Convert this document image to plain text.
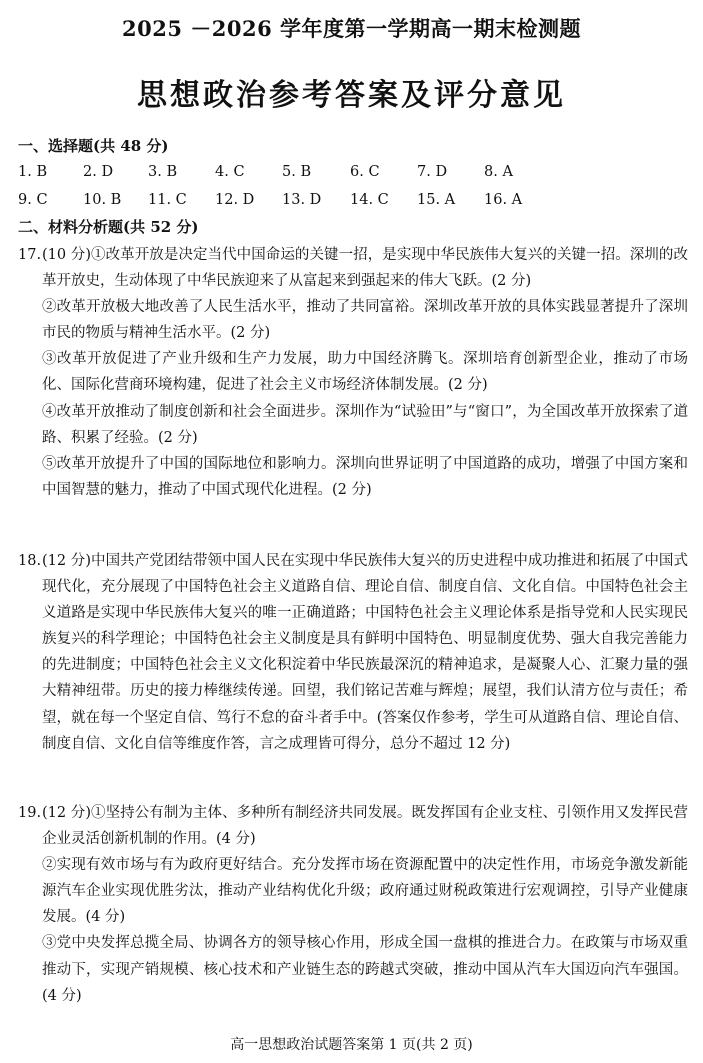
2025 －2026 学年度第一学期高一期末检测题
思想政治参考答案及评分意见
一、选择题(共 48 分)
1. B 2. D 3. B	4. C	5. B	6. C	7. D	8. A
9. C 10. B 11. C 12. D 13. D 14. C 15. A 16. A
二、材料分析题(共 52 分)
17. (10 分)①改革开放是决定当代中国命运的关键一招，是实现中华民族伟大复兴的关键一招。深圳的改革开放史，生动体现了中华民族迎来了从富起来到强起来的伟大飞跃。(2 分)

②改革开放极大地改善了人民生活水平，推动了共同富裕。深圳改革开放的具体实践显著提升了深圳市民的物质与精神生活水平。(2 分)

③改革开放促进了产业升级和生产力发展，助力中国经济腾飞。深圳培育创新型企业，推动了市场化、国际化营商环境构建，促进了社会主义市场经济体制发展。(2 分)

④改革开放推动了制度创新和社会全面进步。深圳作为“试验田”与“窗口”，为全国改革开放探索了道路、积累了经验。(2 分)

⑤改革开放提升了中国的国际地位和影响力。深圳向世界证明了中国道路的成功，增强了中国方案和中国智慧的魅力，推动了中国式现代化进程。(2 分)

18. (12 分)中国共产党团结带领中国人民在实现中华民族伟大复兴的历史进程中成功推进和拓展了中国式现代化，充分展现了中国特色社会主义道路自信、理论自信、制度自信、文化自信。中国特色社会主义道路是实现中华民族伟大复兴的唯一正确道路；中国特色社会主义理论体系是指导党和人民实现民族复兴的科学理论；中国特色社会主义制度是具有鲜明中国特色、明显制度优势、强大自我完善能力的先进制度；中国特色社会主义文化积淀着中华民族最深沉的精神追求，是凝聚人心、汇聚力量的强大精神纽带。历史的接力棒继续传递。回望，我们铭记苦难与辉煌；展望，我们认清方位与责任；希望，就在每一个坚定自信、笃行不怠的奋斗者手中。(答案仅作参考，学生可从道路自信、理论自信、制度自信、文化自信等维度作答，言之成理皆可得分，总分不超过 12 分)

19. (12 分)①坚持公有制为主体、多种所有制经济共同发展。既发挥国有企业支柱、引领作用又发挥民营企业灵活创新机制的作用。(4 分)

②实现有效市场与有为政府更好结合。充分发挥市场在资源配置中的决定性作用，市场竞争激发新能源汽车企业实现优胜劣汰，推动产业结构优化升级；政府通过财税政策进行宏观调控，引导产业健康发展。(4 分)

③党中央发挥总揽全局、协调各方的领导核心作用，形成全国一盘棋的推进合力。在政策与市场双重推动下，实现产销规模、核心技术和产业链生态的跨越式突破，推动中国从汽车大国迈向汽车强国。(4 分)

高一思想政治试题答案第 1 页(共 2 页)
